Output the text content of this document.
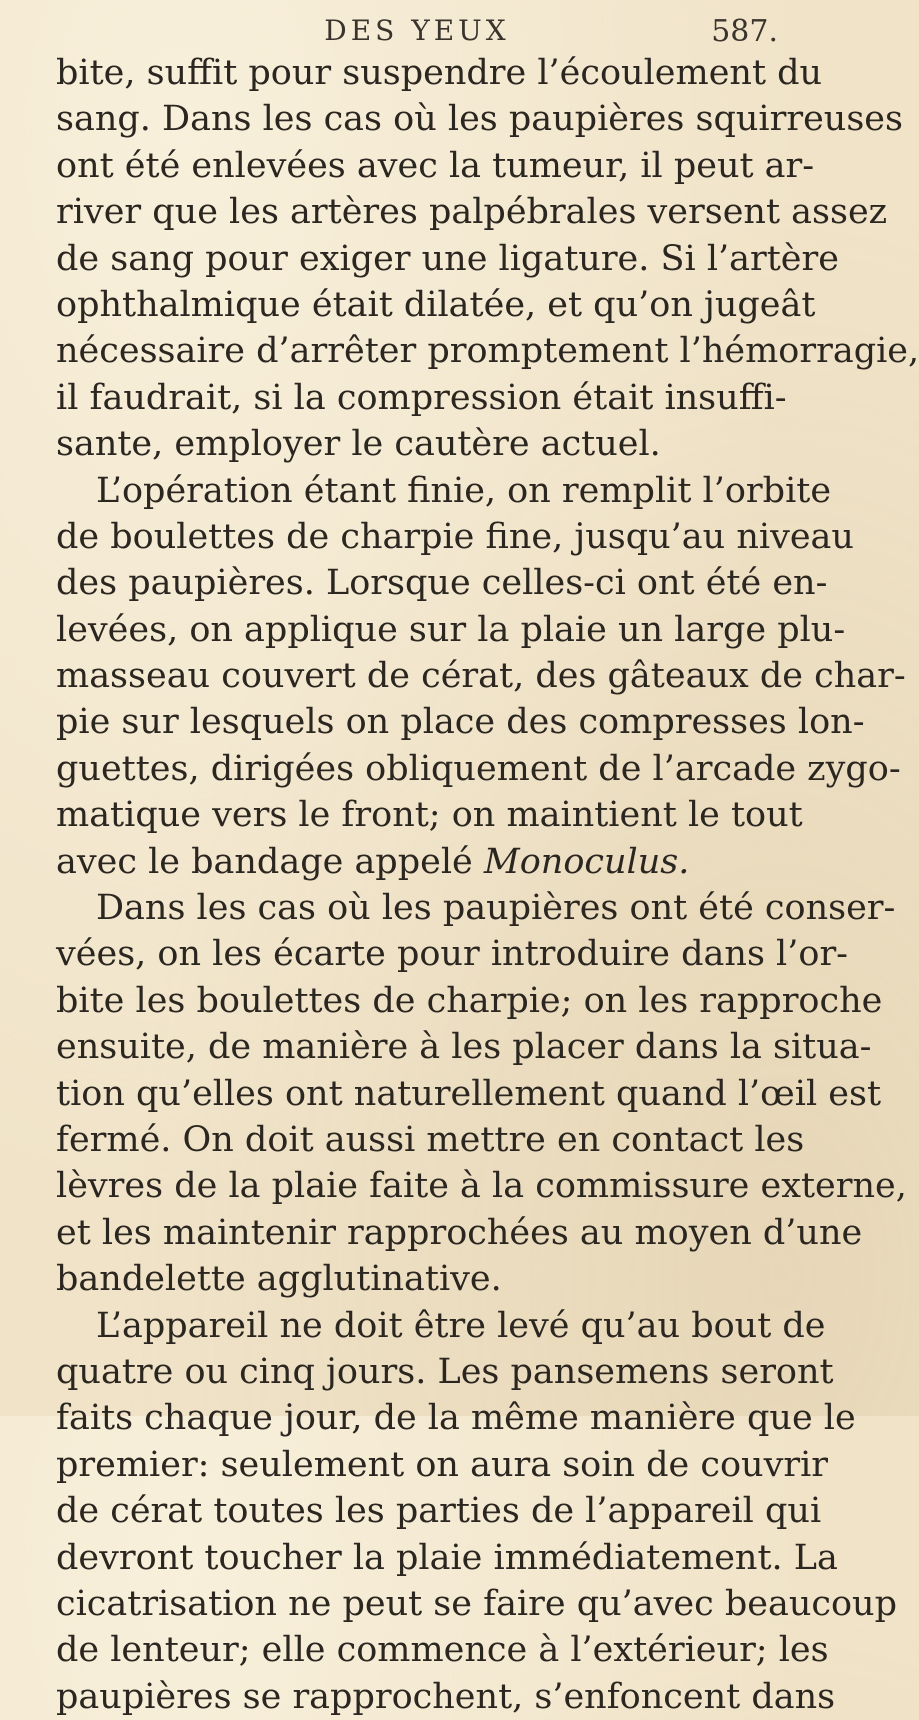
DES YEUX	587.
bite, suffit pour suspendre l’écoulement du
sang. Dans les cas où les paupières squirreuses
ont été enlevées avec la tumeur, il peut ar-
river que les artères palpébrales versent assez
de sang pour exiger une ligature. Si l’artère
ophthalmique était dilatée, et qu’on jugeât
nécessaire d’arrêter promptement l’hémorragie,
il faudrait, si la compression était insuffi-
sante, employer le cautère actuel.
L’opération étant finie, on remplit l’orbite
de boulettes de charpie fine, jusqu’au niveau
des paupières. Lorsque celles-ci ont été en-
levées, on applique sur la plaie un large plu-
masseau couvert de cérat, des gâteaux de char-
pie sur lesquels on place des compresses lon-
guettes, dirigées obliquement de l’arcade zygo-
matique vers le front; on maintient le tout
avec le bandage appelé Monoculus.
Dans les cas où les paupières ont été conser-
vées, on les écarte pour introduire dans l’or-
bite les boulettes de charpie; on les rapproche
ensuite, de manière à les placer dans la situa-
tion qu’elles ont naturellement quand l’œil est
fermé. On doit aussi mettre en contact les
lèvres de la plaie faite à la commissure externe,
et les maintenir rapprochées au moyen d’une
bandelette agglutinative.
L’appareil ne doit être levé qu’au bout de
quatre ou cinq jours. Les pansemens seront
faits chaque jour, de la même manière que le
premier: seulement on aura soin de couvrir
de cérat toutes les parties de l’appareil qui
devront toucher la plaie immédiatement. La
cicatrisation ne peut se faire qu’avec beaucoup
de lenteur; elle commence à l’extérieur; les
paupières se rapprochent, s’enfoncent dans
